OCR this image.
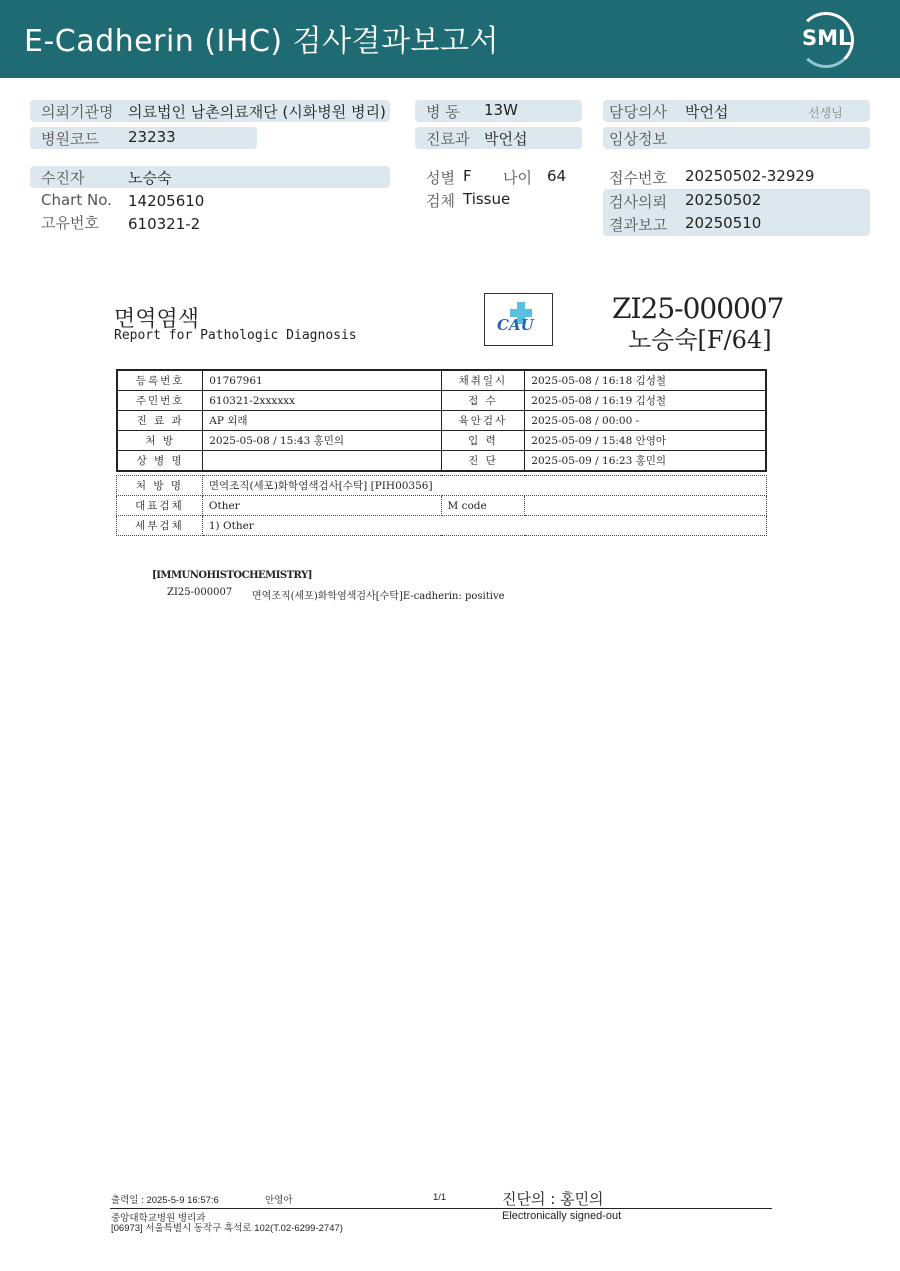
E-Cadherin (IHC) 검사결과보고서	SML
의뢰기관명 의료법인 남촌의료재단 (시화병원 병리)
병원코드 23233
병 동 13W
진료과 박언섭
담당의사 박언섭	선생님
임상정보
수진자	노승숙	성별 F 나이 64	접수번호 20250502-32929
Chart No. 14205610	검체 Tissue	검사의뢰 20250502
결과보고 20250510
고유번호 610321-2
면역염색
Report for Pathologic Diagnosis
CAU	ZI25-000007
노승숙[F/64]
등록번호	01767961	채취일시	2025-05-08 / 16:18 김성철
주민번호	610321-2xxxxxx	접 수	2025-05-08 / 16:19 김성철
진 료 과	AP 외래	육안검사	2025-05-08 / 00:00 -
처 방	2025-05-08 / 15:43 홍민의	입 력	2025-05-09 / 15:48 안영아
상 병 명		진 단	2025-05-09 / 16:23 홍민의
처 방 명	면역조직(세포)화학염색검사[수탁] [PIH00356]		
대표검체	Other	M code	
세부검체	1) Other		
[IMMUNOHISTOCHEMISTRY]
ZI25-000007 면역조직(세포)화학염색검사[수탁]E-cadherin: positive
출력일 : 2025-5-9 16:57:6	안영아	1/1	진단의 : 홍민의
중앙대학교병원 병리과
[06973] 서울특별시 동작구 흑석로 102(T.02-6299-2747)
Electronically signed-out
